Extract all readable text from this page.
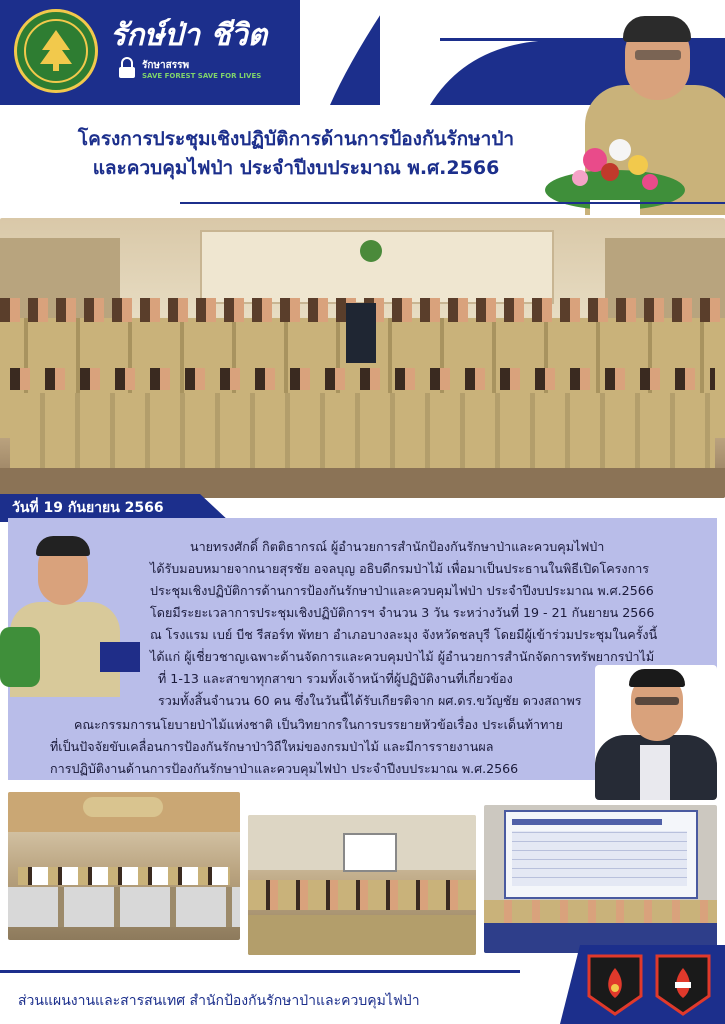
รักษ์ป่า ชีวิต
รักษาสรรพ
SAVE FOREST SAVE FOR LIVES
โครงการประชุมเชิงปฏิบัติการด้านการป้องกันรักษาป่า
และควบคุมไฟป่า ประจำปีงบประมาณ พ.ศ.2566
วันที่ 19 กันยายน 2566
นายทรงศักดิ์ กิตติธากรณ์ ผู้อำนวยการสำนักป้องกันรักษาป่าและควบคุมไฟป่า
ได้รับมอบหมายจากนายสุรชัย อจลบุญ อธิบดีกรมป่าไม้ เพื่อมาเป็นประธานในพิธีเปิดโครงการ
ประชุมเชิงปฏิบัติการด้านการป้องกันรักษาป่าและควบคุมไฟป่า ประจำปีงบประมาณ พ.ศ.2566
โดยมีระยะเวลาการประชุมเชิงปฏิบัติการฯ จำนวน 3 วัน ระหว่างวันที่ 19 - 21 กันยายน 2566
ณ โรงแรม เบย์ บีช รีสอร์ท พัทยา อำเภอบางละมุง จังหวัดชลบุรี โดยมีผู้เข้าร่วมประชุมในครั้งนี้
ได้แก่ ผู้เชี่ยวชาญเฉพาะด้านจัดการและควบคุมป่าไม้ ผู้อำนวยการสำนักจัดการทรัพยากรป่าไม้
ที่ 1-13 และสาขาทุกสาขา รวมทั้งเจ้าหน้าที่ผู้ปฏิบัติงานที่เกี่ยวข้อง
รวมทั้งสิ้นจำนวน 60 คน ซึ่งในวันนี้ได้รับเกียรติจาก ผศ.ดร.ขวัญชัย ดวงสถาพร
คณะกรรมการนโยบายป่าไม้แห่งชาติ เป็นวิทยากรในการบรรยายหัวข้อเรื่อง ประเด็นท้าทาย
ที่เป็นปัจจัยขับเคลื่อนการป้องกันรักษาป่าวิถีใหม่ของกรมป่าไม้ และมีการรายงานผล
การปฏิบัติงานด้านการป้องกันรักษาป่าและควบคุมไฟป่า ประจำปีงบประมาณ พ.ศ.2566
ส่วนแผนงานและสารสนเทศ สำนักป้องกันรักษาป่าและควบคุมไฟป่า
